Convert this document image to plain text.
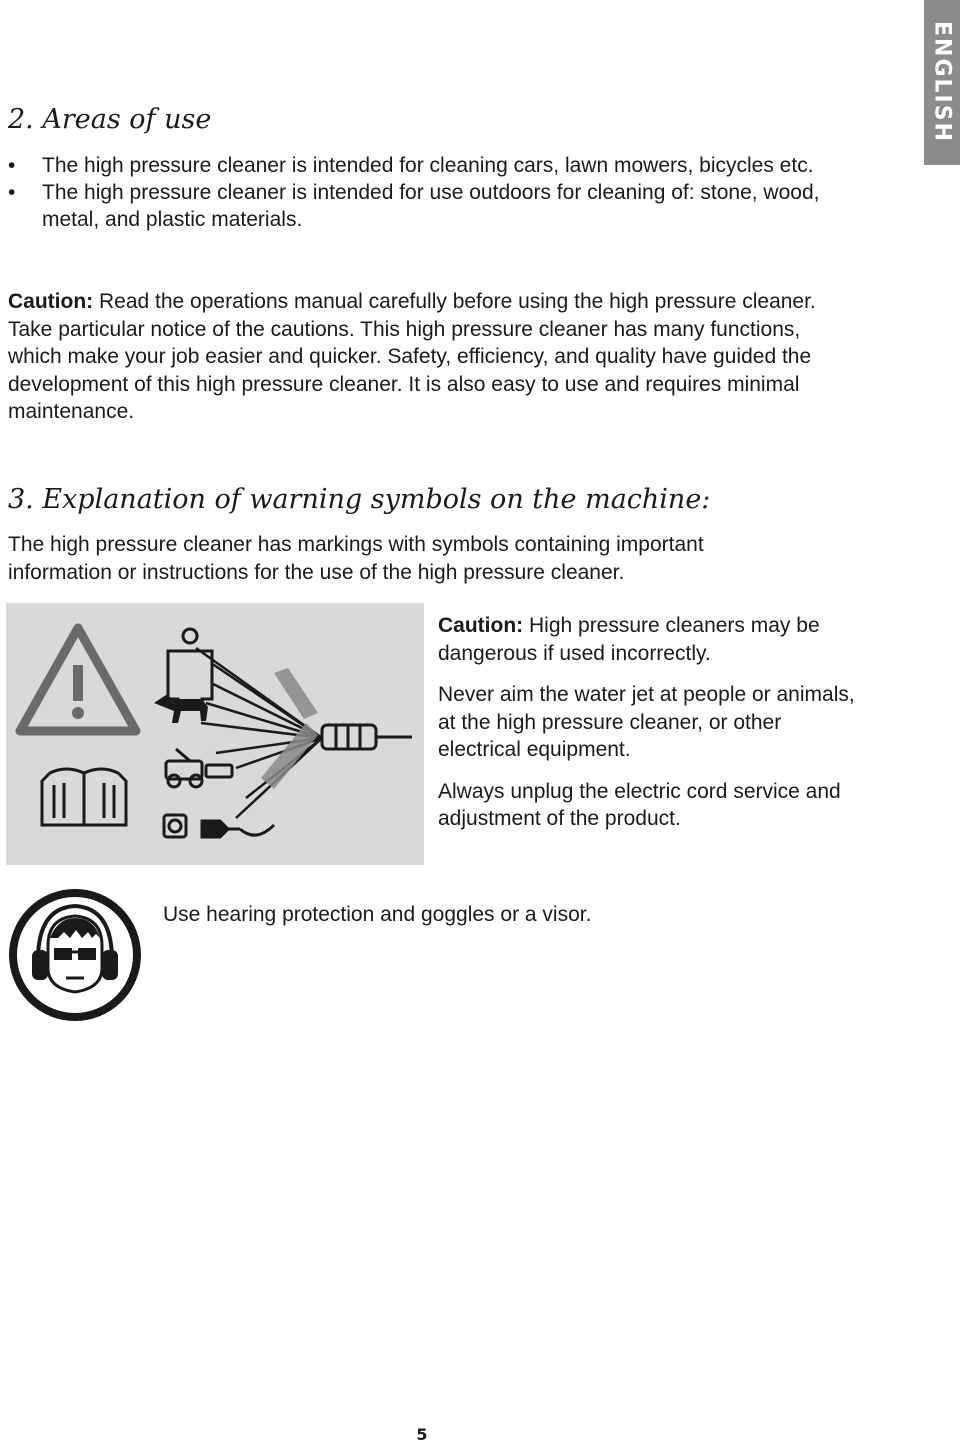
ENGLISH
2. Areas of use
• The high pressure cleaner is intended for cleaning cars, lawn mowers, bicycles etc.
• The high pressure cleaner is intended for use outdoors for cleaning of: stone, wood, metal, and plastic materials.

Caution: Read the operations manual carefully before using the high pressure cleaner. Take particular notice of the cautions. This high pressure cleaner has many functions, which make your job easier and quicker. Safety, efficiency, and quality have guided the development of this high pressure cleaner. It is also easy to use and requires minimal maintenance.

3. Explanation of warning symbols on the machine:

The high pressure cleaner has markings with symbols containing important information or instructions for the use of the high pressure cleaner.

Caution: High pressure cleaners may be dangerous if used incorrectly.

Never aim the water jet at people or animals, at the high pressure cleaner, or other electrical equipment.

Always unplug the electric cord service and adjustment of the product.

Use hearing protection and goggles or a visor.

5
